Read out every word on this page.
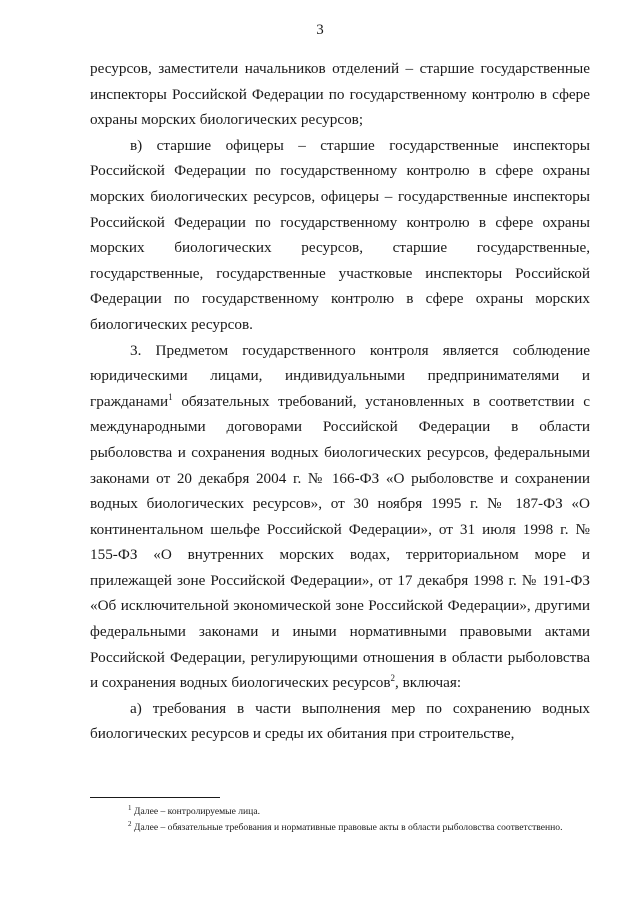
3

ресурсов, заместители начальников отделений – старшие государственные инспекторы Российской Федерации по государственному контролю в сфере охраны морских биологических ресурсов;

в) старшие офицеры – старшие государственные инспекторы Российской Федерации по государственному контролю в сфере охраны морских биологических ресурсов, офицеры – государственные инспекторы Российской Федерации по государственному контролю в сфере охраны морских биологических ресурсов, старшие государственные, государственные, государственные участковые инспекторы Российской Федерации по государственному контролю в сфере охраны морских биологических ресурсов.

3. Предметом государственного контроля является соблюдение юридическими лицами, индивидуальными предпринимателями и гражданами$^1$ обязательных требований, установленных в соответствии с международными договорами Российской Федерации в области рыболовства и сохранения водных биологических ресурсов, федеральными законами от 20 декабря 2004 г. № 166-ФЗ «О рыболовстве и сохранении водных биологических ресурсов», от 30 ноября 1995 г. № 187-ФЗ «О континентальном шельфе Российской Федерации», от 31 июля 1998 г. № 155-ФЗ «О внутренних морских водах, территориальном море и прилежащей зоне Российской Федерации», от 17 декабря 1998 г. № 191-ФЗ «Об исключительной экономической зоне Российской Федерации», другими федеральными законами и иными нормативными правовыми актами Российской Федерации, регулирующими отношения в области рыболовства и сохранения водных биологических ресурсов$^2$, включая:

а) требования в части выполнения мер по сохранению водных биологических ресурсов и среды их обитания при строительстве,

$^1$ Далее – контролируемые лица.

$^2$ Далее – обязательные требования и нормативные правовые акты в области рыболовства соответственно.
